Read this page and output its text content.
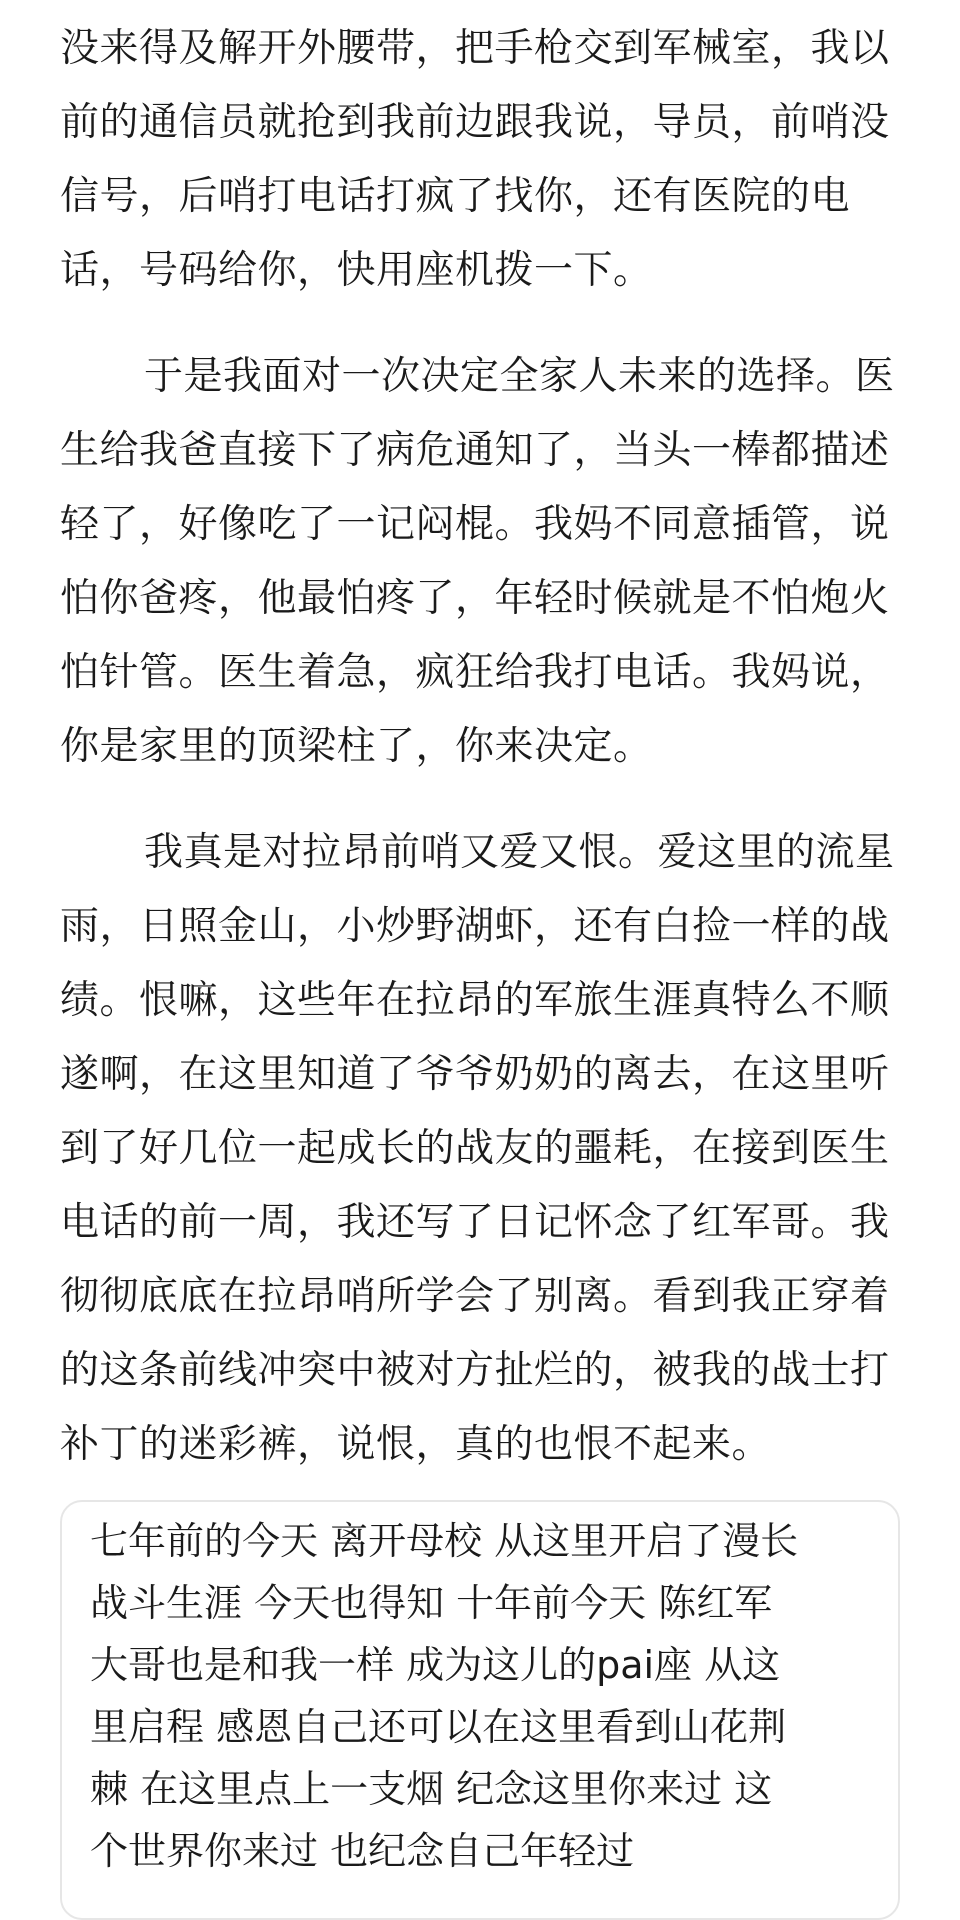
没来得及解开外腰带，把手枪交到军械室，我以
前的通信员就抢到我前边跟我说，导员，前哨没
信号，后哨打电话打疯了找你，还有医院的电
话，号码给你，快用座机拨一下。

于是我面对一次决定全家人未来的选择。医
生给我爸直接下了病危通知了，当头一棒都描述
轻了，好像吃了一记闷棍。我妈不同意插管，说
怕你爸疼，他最怕疼了，年轻时候就是不怕炮火
怕针管。医生着急，疯狂给我打电话。我妈说，
你是家里的顶梁柱了，你来决定。

我真是对拉昂前哨又爱又恨。爱这里的流星
雨，日照金山，小炒野湖虾，还有白捡一样的战
绩。恨嘛，这些年在拉昂的军旅生涯真特么不顺
遂啊，在这里知道了爷爷奶奶的离去，在这里听
到了好几位一起成长的战友的噩耗，在接到医生
电话的前一周，我还写了日记怀念了红军哥。我
彻彻底底在拉昂哨所学会了别离。看到我正穿着
的这条前线冲突中被对方扯烂的，被我的战士打
补丁的迷彩裤，说恨，真的也恨不起来。

七年前的今天 离开母校 从这里开启了漫长
战斗生涯 今天也得知 十年前今天 陈红军
大哥也是和我一样 成为这儿的pai座 从这
里启程 感恩自己还可以在这里看到山花荆
棘 在这里点上一支烟 纪念这里你来过 这
个世界你来过 也纪念自己年轻过
